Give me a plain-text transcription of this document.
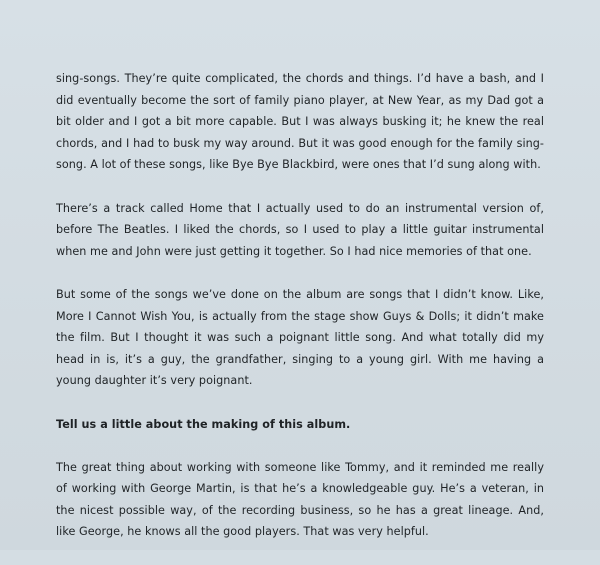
sing-songs. They’re quite complicated, the chords and things. I’d have a bash, and I did eventually become the sort of family piano player, at New Year, as my Dad got a bit older and I got a bit more capable. But I was always busking it; he knew the real chords, and I had to busk my way around. But it was good enough for the family sing-song. A lot of these songs, like Bye Bye Blackbird, were ones that I’d sung along with.

There’s a track called Home that I actually used to do an instrumental version of, before The Beatles. I liked the chords, so I used to play a little guitar instrumental when me and John were just getting it together. So I had nice memories of that one.

But some of the songs we’ve done on the album are songs that I didn’t know. Like, More I Cannot Wish You, is actually from the stage show Guys & Dolls; it didn’t make the film. But I thought it was such a poignant little song. And what totally did my head in is, it’s a guy, the grandfather, singing to a young girl. With me having a young daughter it’s very poignant.

Tell us a little about the making of this album.

The great thing about working with someone like Tommy, and it reminded me really of working with George Martin, is that he’s a knowledgeable guy. He’s a veteran, in the nicest possible way, of the recording business, so he has a great lineage. And, like George, he knows all the good players. That was very helpful.
